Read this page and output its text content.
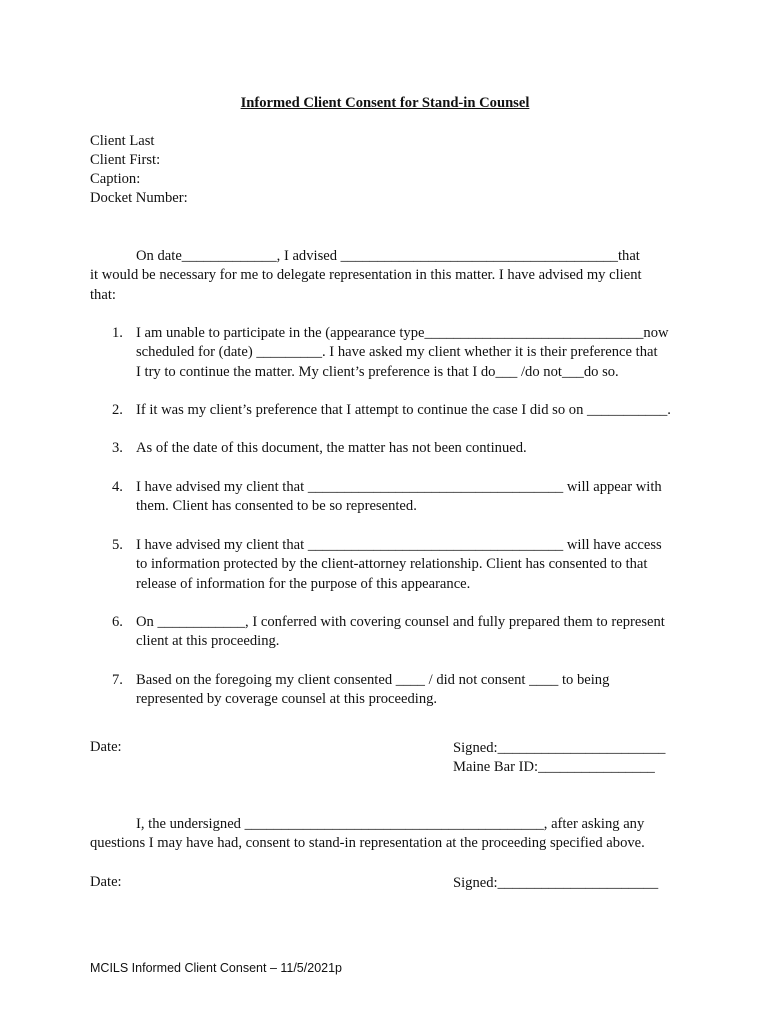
Informed Client Consent for Stand-in Counsel
Client Last
Client First:
Caption:
Docket Number:
On date_____________, I advised ______________________________________that
it would be necessary for me to delegate representation in this matter. I have advised my client
that:
1. I am unable to participate in the (appearance type______________________________now
scheduled for (date) _________. I have asked my client whether it is their preference that
I try to continue the matter. My client’s preference is that I do___ /do not___do so.
2. If it was my client’s preference that I attempt to continue the case I did so on ___________.
3. As of the date of this document, the matter has not been continued.
4. I have advised my client that ___________________________________ will appear with
them. Client has consented to be so represented.
5. I have advised my client that ___________________________________ will have access
to information protected by the client-attorney relationship. Client has consented to that
release of information for the purpose of this appearance.
6. On ____________, I conferred with covering counsel and fully prepared them to represent
client at this proceeding.
7. Based on the foregoing my client consented ____ / did not consent ____ to being
represented by coverage counsel at this proceeding.
Date:	Signed:_______________________
Maine Bar ID:________________
I, the undersigned _________________________________________, after asking any
questions I may have had, consent to stand-in representation at the proceeding specified above.
Date:	Signed:______________________
MCILS Informed Client Consent – 11/5/2021p
